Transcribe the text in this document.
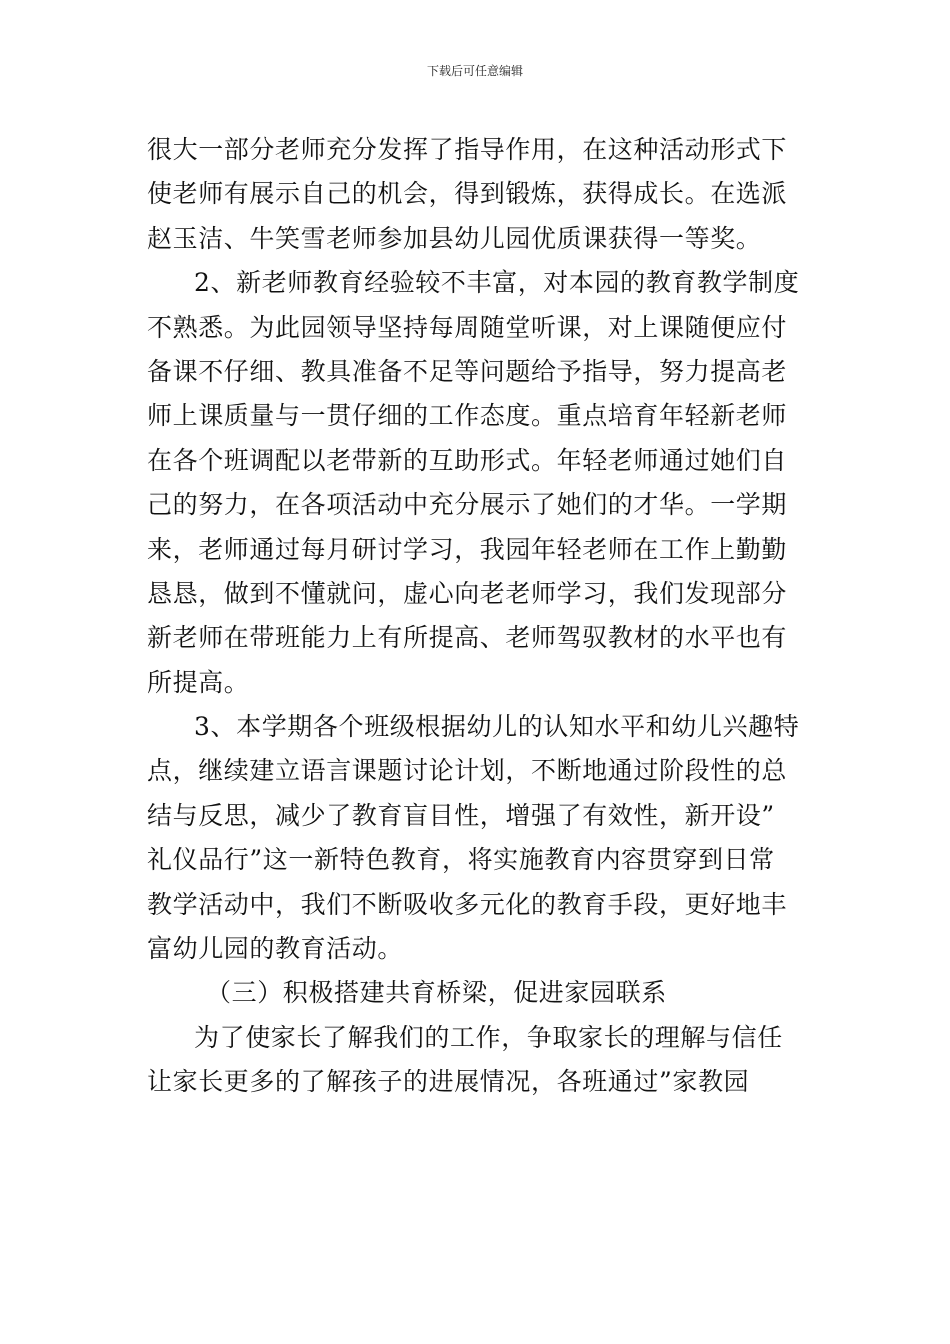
下载后可任意编辑
很大一部分老师充分发挥了指导作用，在这种活动形式下
使老师有展示自己的机会，得到锻炼，获得成长。在选派
赵玉洁、牛笑雪老师参加县幼儿园优质课获得一等奖。
2、新老师教育经验较不丰富，对本园的教育教学制度
不熟悉。为此园领导坚持每周随堂听课，对上课随便应付
备课不仔细、教具准备不足等问题给予指导，努力提高老
师上课质量与一贯仔细的工作态度。重点培育年轻新老师
在各个班调配以老带新的互助形式。年轻老师通过她们自
己的努力，在各项活动中充分展示了她们的才华。一学期
来，老师通过每月研讨学习，我园年轻老师在工作上勤勤
恳恳，做到不懂就问，虚心向老老师学习，我们发现部分
新老师在带班能力上有所提高、老师驾驭教材的水平也有
所提高。
3、本学期各个班级根据幼儿的认知水平和幼儿兴趣特
点，继续建立语言课题讨论计划，不断地通过阶段性的总
结与反思，减少了教育盲目性，增强了有效性，新开设”
礼仪品行”这一新特色教育，将实施教育内容贯穿到日常
教学活动中，我们不断吸收多元化的教育手段，更好地丰
富幼儿园的教育活动。
（三）积极搭建共育桥梁，促进家园联系
为了使家长了解我们的工作，争取家长的理解与信任
让家长更多的了解孩子的进展情况，各班通过”家教园
